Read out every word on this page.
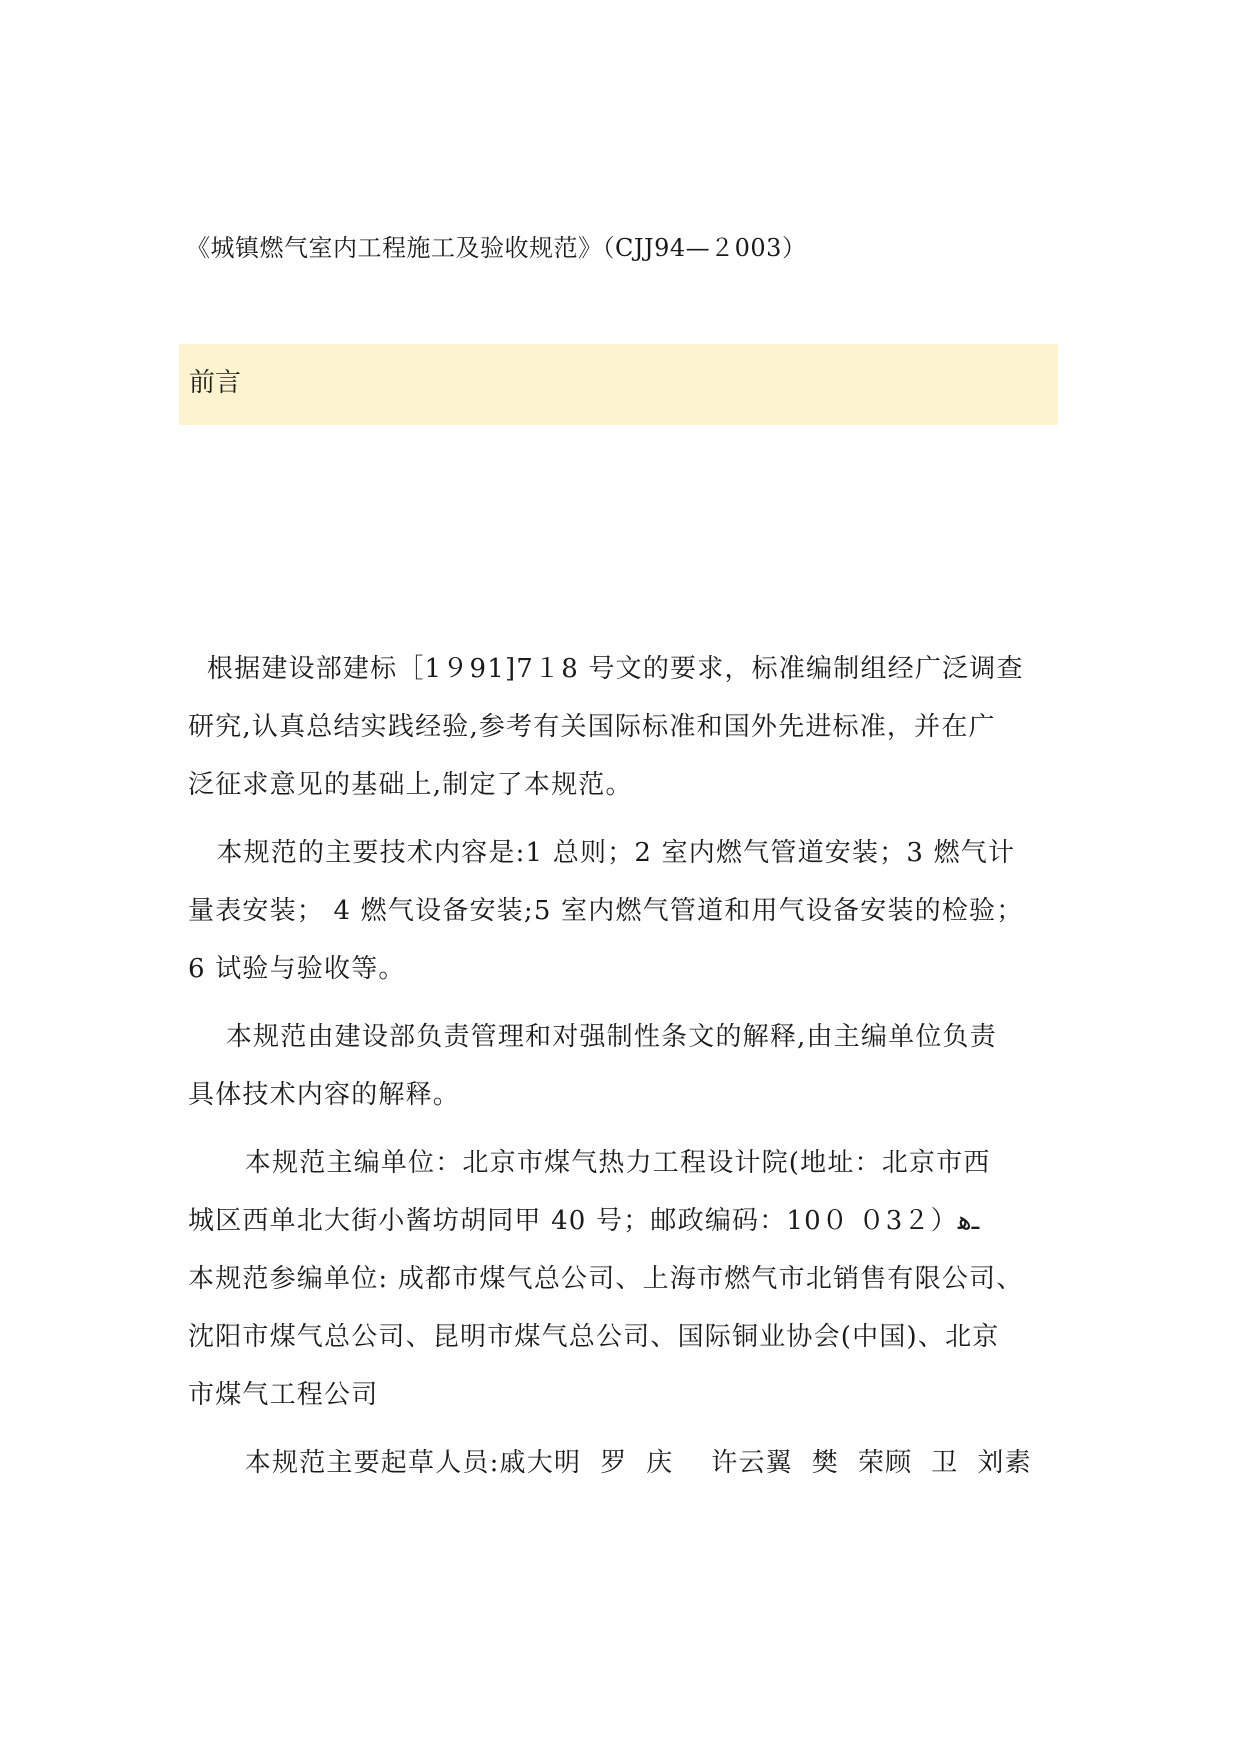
《城镇燃气室内工程施工及验收规范》（CJJ94—２003）
前言
根据建设部建标［1９91]7１8 号文的要求，标准编制组经广泛调查
研究,认真总结实践经验,参考有关国际标准和国外先进标准，并在广
泛征求意见的基础上,制定了本规范。
本规范的主要技术内容是:1 总则；2 室内燃气管道安装；3 燃气计
量表安装； 4 燃气设备安装;5 室内燃气管道和用气设备安装的检验；
6 试验与验收等。
本规范由建设部负责管理和对强制性条文的解释,由主编单位负责
具体技术内容的解释。
本规范主编单位：北京市煤气热力工程设计院(地址：北京市西
城区西单北大街小酱坊胡同甲 40 号；邮政编码：10０ ０3２）ـﻫ
本规范参编单位: 成都市煤气总公司、上海市燃气市北销售有限公司、
沈阳市煤气总公司、昆明市煤气总公司、国际铜业协会(中国)、北京
市煤气工程公司
本规范主要起草人员:戚大明  罗  庆    许云翼  樊  荣顾  卫  刘素
